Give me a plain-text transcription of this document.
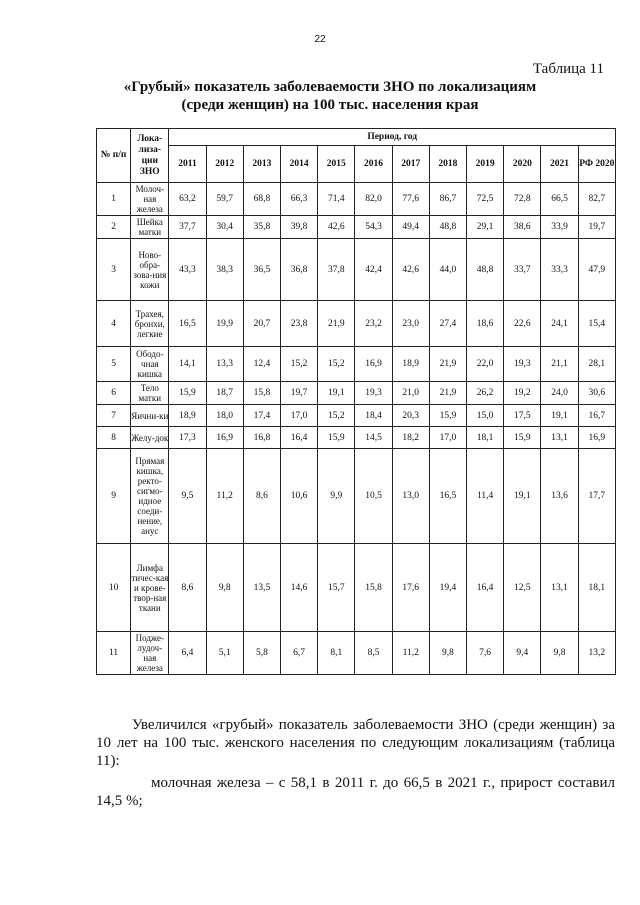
22
Таблица 11
«Грубый» показатель заболеваемости ЗНО по локализациям (среди женщин) на 100 тыс. населения края
№ п/п	Лока-лиза-ции ЗНО	Период, год											
		2011	2012	2013	2014	2015	2016	2017	2018	2019	2020	2021	РФ 2020
1	Молоч-ная железа	63,2	59,7	68,8	66,3	71,4	82,0	77,6	86,7	72,5	72,8	66,5	82,7
2	Шейка матки	37,7	30,4	35,8	39,8	42,6	54,3	49,4	48,8	29,1	38,6	33,9	19,7
3	Ново-обра-зова-ния кожи	43,3	38,3	36,5	36,8	37,8	42,4	42,6	44,0	48,8	33,7	33,3	47,9
4	Трахея, бронхи, легкие	16,5	19,9	20,7	23,8	21,9	23,2	23,0	27,4	18,6	22,6	24,1	15,4
5	Ободо-чная кишка	14,1	13,3	12,4	15,2	15,2	16,9	18,9	21,9	22,0	19,3	21,1	28,1
6	Тело матки	15,9	18,7	15,8	19,7	19,1	19,3	21,0	21,9	26,2	19,2	24,0	30,6
7	Яични-ки	18,9	18,0	17,4	17,0	15,2	18,4	20,3	15,9	15,0	17,5	19,1	16,7
8	Желу-док	17,3	16,9	16,8	16,4	15,9	14,5	18,2	17,0	18,1	15,9	13,1	16,9
9	Прямая кишка, ректо-сигмо-идное соеди-нение, анус	9,5	11,2	8,6	10,6	9,9	10,5	13,0	16,5	11,4	19,1	13,6	17,7
10	Лимфа тичес-кая и крове-твор-ная ткани	8,6	9,8	13,5	14,6	15,7	15,8	17,6	19,4	16,4	12,5	13,1	18,1
11	Подже-лудоч-ная железа	6,4	5,1	5,8	6,7	8,1	8,5	11,2	9,8	7,6	9,4	9,8	13,2
Увеличился «грубый» показатель заболеваемости ЗНО (среди женщин) за 10 лет на 100 тыс. женского населения по следующим локализациям (таблица 11):
молочная железа – с 58,1 в 2011 г. до 66,5 в 2021 г., прирост составил 14,5 %;
